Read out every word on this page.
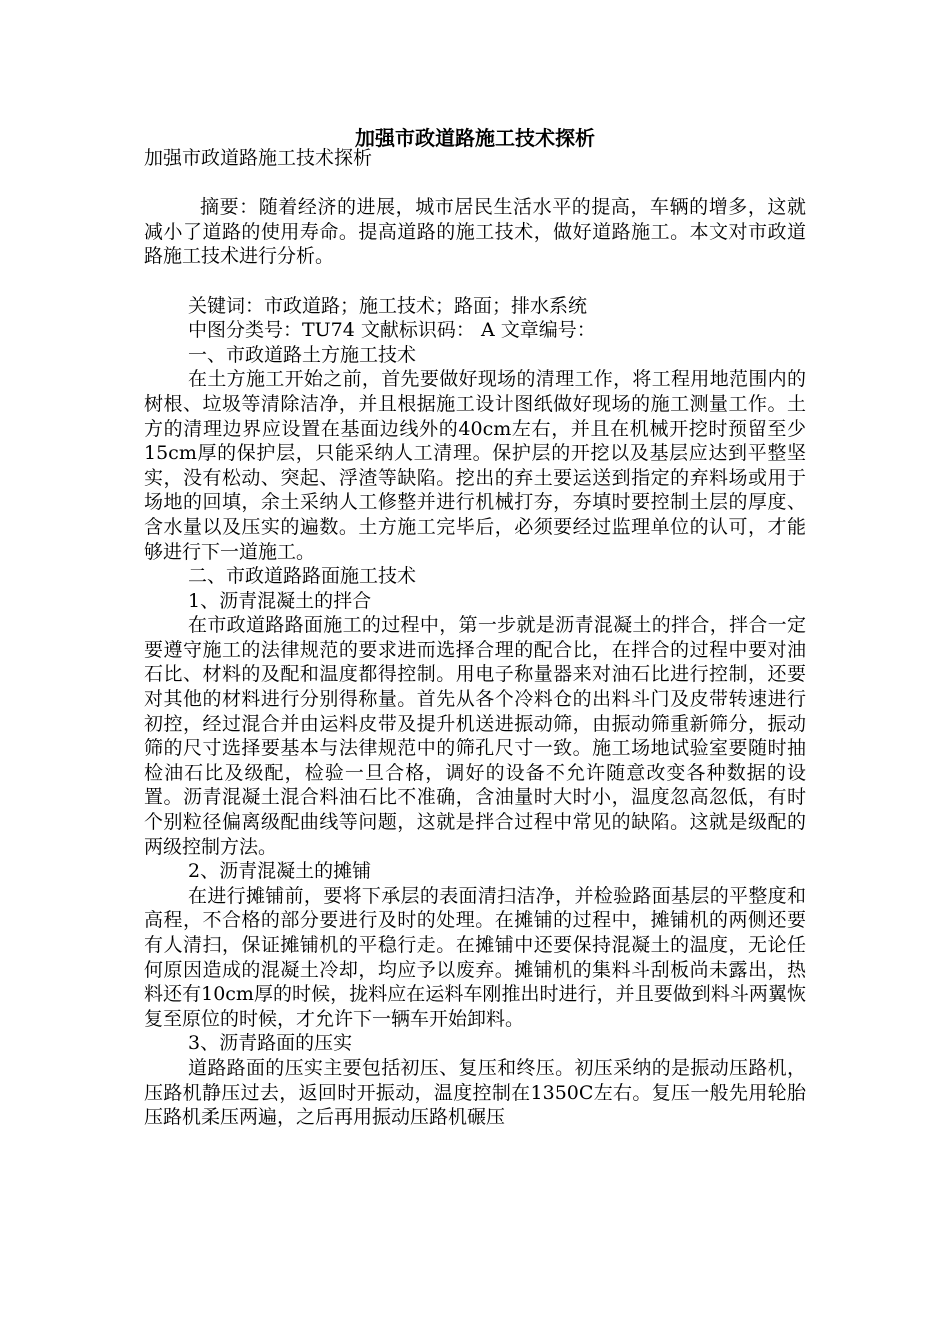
加强市政道路施工技术探析

加强市政道路施工技术探析

摘要：随着经济的进展，城市居民生活水平的提高，车辆的增多，这就减小了道路的使用寿命。提高道路的施工技术，做好道路施工。本文对市政道路施工技术进行分析。

关键词：市政道路；施工技术；路面；排水系统

中图分类号：TU74 文献标识码： A 文章编号：

一、市政道路土方施工技术

在土方施工开始之前，首先要做好现场的清理工作，将工程用地范围内的树根、垃圾等清除洁净，并且根据施工设计图纸做好现场的施工测量工作。土方的清理边界应设置在基面边线外的40cm左右，并且在机械开挖时预留至少15cm厚的保护层，只能采纳人工清理。保护层的开挖以及基层应达到平整坚实，没有松动、突起、浮渣等缺陷。挖出的弃土要运送到指定的弃料场或用于场地的回填，余土采纳人工修整并进行机械打夯，夯填时要控制土层的厚度、含水量以及压实的遍数。土方施工完毕后，必须要经过监理单位的认可，才能够进行下一道施工。

二、市政道路路面施工技术

1、沥青混凝土的拌合

在市政道路路面施工的过程中，第一步就是沥青混凝土的拌合，拌合一定要遵守施工的法律规范的要求进而选择合理的配合比，在拌合的过程中要对油石比、材料的及配和温度都得控制。用电子称量器来对油石比进行控制，还要对其他的材料进行分别得称量。首先从各个冷料仓的出料斗门及皮带转速进行初控，经过混合并由运料皮带及提升机送进振动筛，由振动筛重新筛分，振动筛的尺寸选择要基本与法律规范中的筛孔尺寸一致。施工场地试验室要随时抽检油石比及级配，检验一旦合格，调好的设备不允许随意改变各种数据的设置。沥青混凝土混合料油石比不准确，含油量时大时小，温度忽高忽低，有时个别粒径偏离级配曲线等问题，这就是拌合过程中常见的缺陷。这就是级配的两级控制方法。

2、沥青混凝土的摊铺

在进行摊铺前，要将下承层的表面清扫洁净，并检验路面基层的平整度和高程，不合格的部分要进行及时的处理。在摊铺的过程中，摊铺机的两侧还要有人清扫，保证摊铺机的平稳行走。在摊铺中还要保持混凝土的温度，无论任何原因造成的混凝土冷却，均应予以废弃。摊铺机的集料斗刮板尚未露出，热料还有10cm厚的时候，拢料应在运料车刚推出时进行，并且要做到料斗两翼恢复至原位的时候，才允许下一辆车开始卸料。

3、沥青路面的压实

道路路面的压实主要包括初压、复压和终压。初压采纳的是振动压路机，压路机静压过去，返回时开振动，温度控制在1350C左右。复压一般先用轮胎压路机柔压两遍，之后再用振动压路机碾压
